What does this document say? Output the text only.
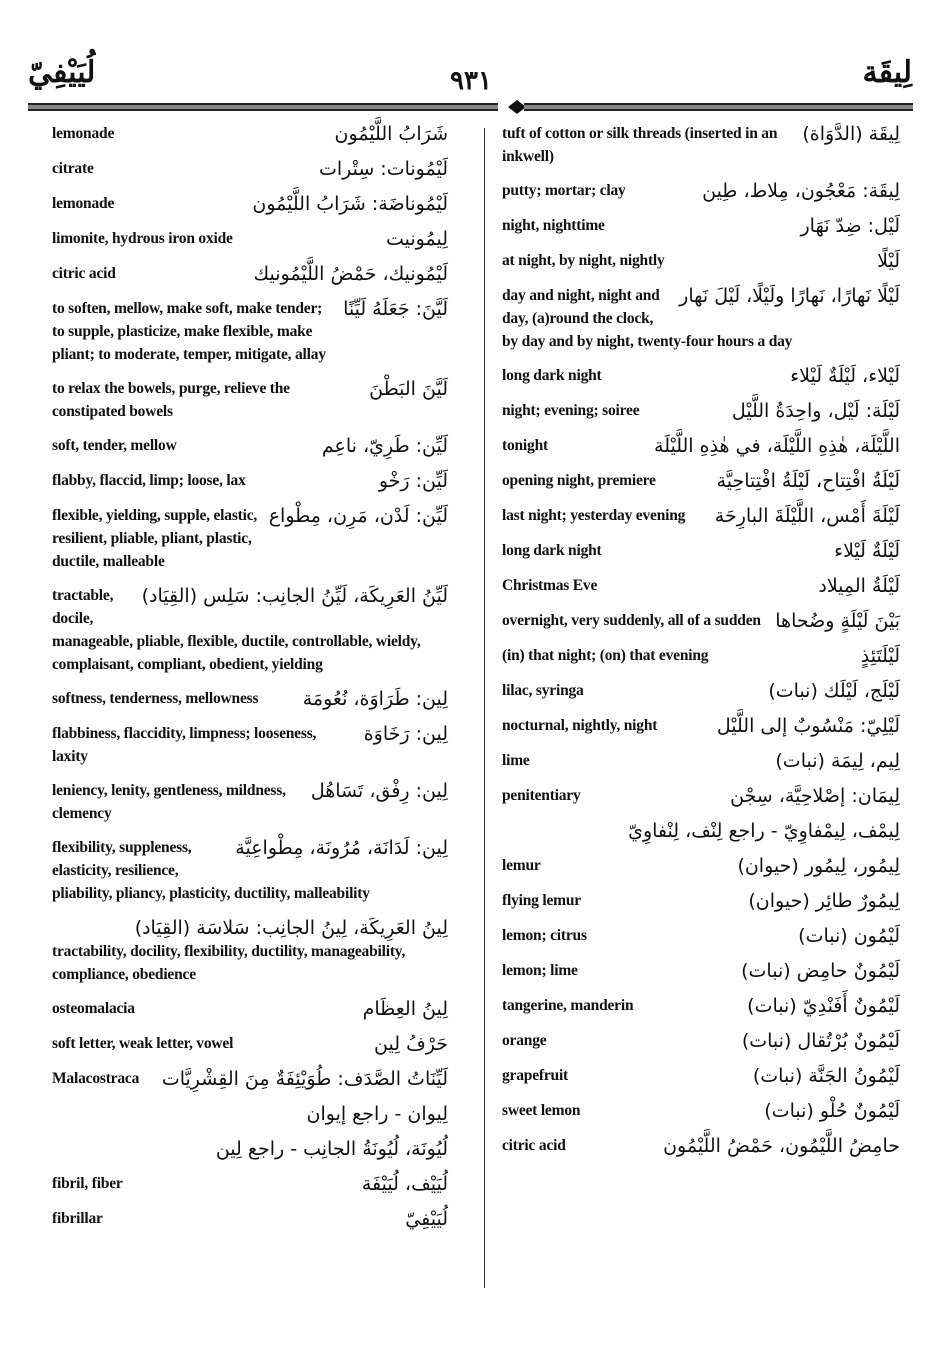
لُيَيْفِيّ	٩٣١	لِيقَة
شَرَابُ اللَّيْمُون
lemonade
لَيْمُونات: سِتْرات
citrate
لَيْمُوناضَة: شَرَابُ اللَّيْمُون
lemonade
لِيمُونيت
limonite, hydrous iron oxide
لَيْمُونيك، حَمْضُ اللَّيْمُونيك
citric acid
لَيَّنَ: جَعَلَهُ لَيِّنًا
to soften, mellow, make soft, make tender; to supple, plasticize, make flexible, make pliant; to moderate, temper, mitigate, allay
لَيَّنَ البَطْنَ
to relax the bowels, purge, relieve the constipated bowels
لَيِّن: طَرِيّ، ناعِم
soft, tender, mellow
لَيِّن: رَخْو
flabby, flaccid, limp; loose, lax
لَيِّن: لَدْن، مَرِن، مِطْواع
flexible, yielding, supple, elastic, resilient, pliable, pliant, plastic, ductile, malleable
لَيِّنُ العَرِيكَة، لَيِّنُ الجانِب: سَلِس (القِيَاد)
tractable, docile, manageable, pliable, flexible, ductile, controllable, wieldy, complaisant, compliant, obedient, yielding
لِين: طَرَاوَة، نُعُومَة
softness, tenderness, mellowness
لِين: رَخَاوَة
flabbiness, flaccidity, limpness; looseness, laxity
لِين: رِفْق، تَسَاهُل
leniency, lenity, gentleness, mildness, clemency
لِين: لَدَانَة، مُرُونَة، مِطْواعِيَّة
flexibility, suppleness, elasticity, resilience, pliability, pliancy, plasticity, ductility, malleability
لِينُ العَرِيكَة، لِينُ الجانِب: سَلاسَة (القِيَاد)
tractability, docility, flexibility, ductility, manageability, compliance, obedience
لِينُ العِظَام
osteomalacia
حَرْفُ لِين
soft letter, weak letter, vowel
لَيِّنَاتُ الصَّدَف: طُوَيْئِفَةٌ مِنَ القِشْرِيَّات
Malacostraca
لِيوان - راجع إيوان
لُيُونَة، لُيُونَةُ الجانِب - راجع لِين
لُيَيْف، لُيَيْفَة
fibril, fiber
لُيَيْفِيّ
fibrillar
لِيقَة (الدَّوَاة)
tuft of cotton or silk threads (inserted in an inkwell)
لِيقَة: مَعْجُون، مِلاط، طِين
putty; mortar; clay
لَيْل: ضِدّ نَهَار
night, nighttime
لَيْلًا
at night, by night, nightly
لَيْلًا نَهارًا، نَهارًا ولَيْلًا، لَيْلَ نَهار
day and night, night and day, (a)round the clock, by day and by night, twenty-four hours a day
لَيْلاء، لَيْلَةٌ لَيْلاء
long dark night
لَيْلَة: لَيْل، واحِدَةُ اللَّيْل
night; evening; soiree
اللَّيْلَة، هٰذِهِ اللَّيْلَة، في هٰذِهِ اللَّيْلَة
tonight
لَيْلَةُ افْتِتاح، لَيْلَةُ افْتِتاحِيَّة
opening night, premiere
لَيْلَةَ أَمْس، اللَّيْلَةَ البارِحَة
last night; yesterday evening
لَيْلَةٌ لَيْلاء
long dark night
لَيْلَةُ المِيلاد
Christmas Eve
بَيْنَ لَيْلَةٍ وضُحاها
overnight, very suddenly, all of a sudden
لَيْلَتَئِذٍ
(in) that night; (on) that evening
لَيْلَج، لَيْلَك (نبات)
lilac, syringa
لَيْلِيّ: مَنْسُوبٌ إلى اللَّيْل
nocturnal, nightly, night
لِيم، لِيمَة (نبات)
lime
لِيمَان: إصْلاحِيَّة، سِجْن
penitentiary
لِيمْف، لِيمْفاوِيّ - راجع لِنْف، لِنْفاوِيّ
لِيمُور، لِيمُور (حيوان)
lemur
لِيمُورٌ طائِر (حيوان)
flying lemur
لَيْمُون (نبات)
lemon; citrus
لَيْمُونٌ حامِض (نبات)
lemon; lime
لَيْمُونٌ أَفَنْدِيّ (نبات)
tangerine, manderin
لَيْمُونٌ بُرْتُقال (نبات)
orange
لَيْمُونُ الجَنَّة (نبات)
grapefruit
لَيْمُونٌ حُلْو (نبات)
sweet lemon
حامِضُ اللَّيْمُون، حَمْضُ اللَّيْمُون
citric acid
